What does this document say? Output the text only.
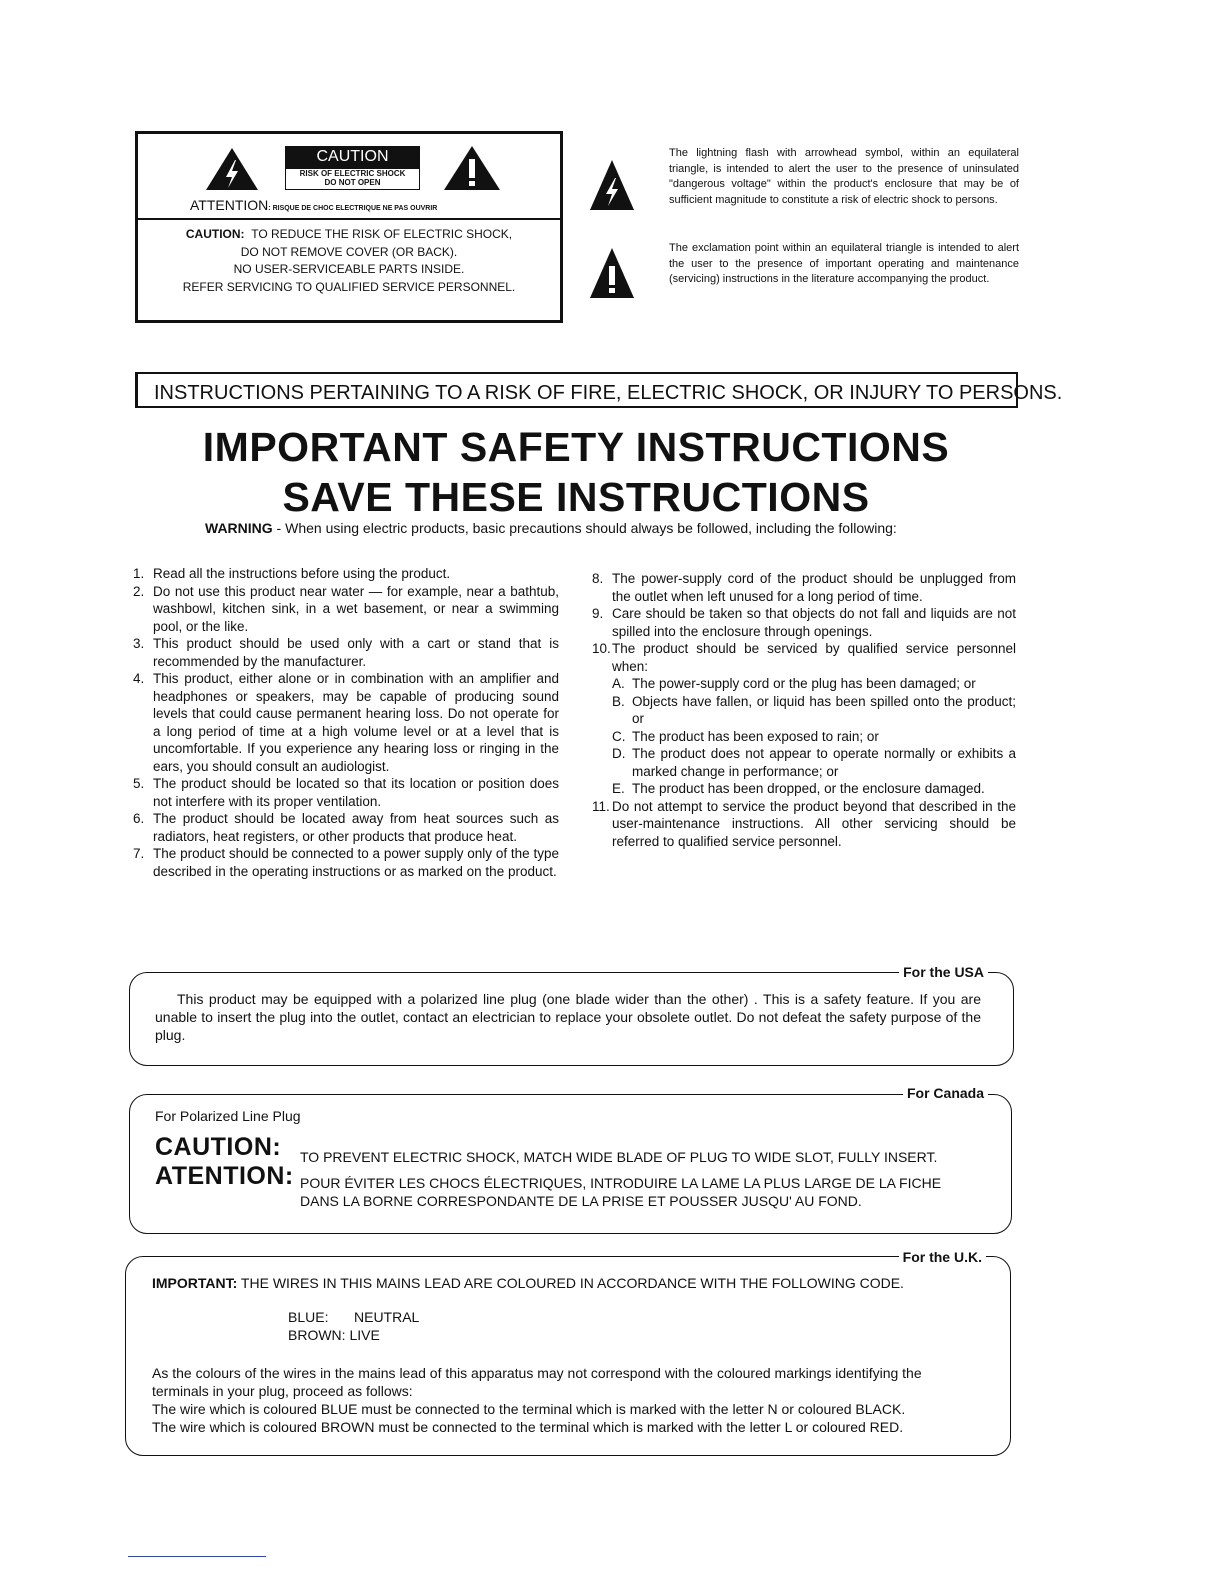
CAUTION
RISK OF ELECTRIC SHOCK
DO NOT OPEN
ATTENTION: RISQUE DE CHOC ELECTRIQUE NE PAS OUVRIR
CAUTION: TO REDUCE THE RISK OF ELECTRIC SHOCK,
DO NOT REMOVE COVER (OR BACK).
NO USER-SERVICEABLE PARTS INSIDE.
REFER SERVICING TO QUALIFIED SERVICE PERSONNEL.
The lightning flash with arrowhead symbol, within an equilateral triangle, is intended to alert the user to the presence of uninsulated "dangerous voltage" within the product's enclosure that may be of sufficient magnitude to constitute a risk of electric shock to persons.
The exclamation point within an equilateral triangle is intended to alert the user to the presence of important operating and maintenance (servicing) instructions in the literature accompanying the product.
INSTRUCTIONS PERTAINING TO A RISK OF FIRE, ELECTRIC SHOCK, OR INJURY TO PERSONS.
IMPORTANT SAFETY INSTRUCTIONS
SAVE THESE INSTRUCTIONS
WARNING - When using electric products, basic precautions should always be followed, including the following:
1. Read all the instructions before using the product.
2. Do not use this product near water — for example, near a bathtub, washbowl, kitchen sink, in a wet basement, or near a swimming pool, or the like.
3. This product should be used only with a cart or stand that is recommended by the manufacturer.
4. This product, either alone or in combination with an amplifier and headphones or speakers, may be capable of producing sound levels that could cause permanent hearing loss. Do not operate for a long period of time at a high volume level or at a level that is uncomfortable. If you experience any hearing loss or ringing in the ears, you should consult an audiologist.
5. The product should be located so that its location or position does not interfere with its proper ventilation.
6. The product should be located away from heat sources such as radiators, heat registers, or other products that produce heat.
7. The product should be connected to a power supply only of the type described in the operating instructions or as marked on the product.
8. The power-supply cord of the product should be unplugged from the outlet when left unused for a long period of time.
9. Care should be taken so that objects do not fall and liquids are not spilled into the enclosure through openings.
10. The product should be serviced by qualified service personnel when:
A. The power-supply cord or the plug has been damaged; or
B. Objects have fallen, or liquid has been spilled onto the product; or
C. The product has been exposed to rain; or
D. The product does not appear to operate normally or exhibits a marked change in performance; or
E. The product has been dropped, or the enclosure damaged.
11. Do not attempt to service the product beyond that described in the user-maintenance instructions. All other servicing should be referred to qualified service personnel.
For the USA
This product may be equipped with a polarized line plug (one blade wider than the other) . This is a safety feature. If you are unable to insert the plug into the outlet, contact an electrician to replace your obsolete outlet. Do not defeat the safety purpose of the plug.
For Canada
For Polarized Line Plug
CAUTION: TO PREVENT ELECTRIC SHOCK, MATCH WIDE BLADE OF PLUG TO WIDE SLOT, FULLY INSERT.
ATENTION: POUR ÉVITER LES CHOCS ÉLECTRIQUES, INTRODUIRE LA LAME LA PLUS LARGE DE LA FICHE
DANS LA BORNE CORRESPONDANTE DE LA PRISE ET POUSSER JUSQU' AU FOND.
For the U.K.
IMPORTANT: THE WIRES IN THIS MAINS LEAD ARE COLOURED IN ACCORDANCE WITH THE FOLLOWING CODE.
BLUE: NEUTRAL
BROWN: LIVE
As the colours of the wires in the mains lead of this apparatus may not correspond with the coloured markings identifying the terminals in your plug, proceed as follows:
The wire which is coloured BLUE must be connected to the terminal which is marked with the letter N or coloured BLACK.
The wire which is coloured BROWN must be connected to the terminal which is marked with the letter L or coloured RED.
